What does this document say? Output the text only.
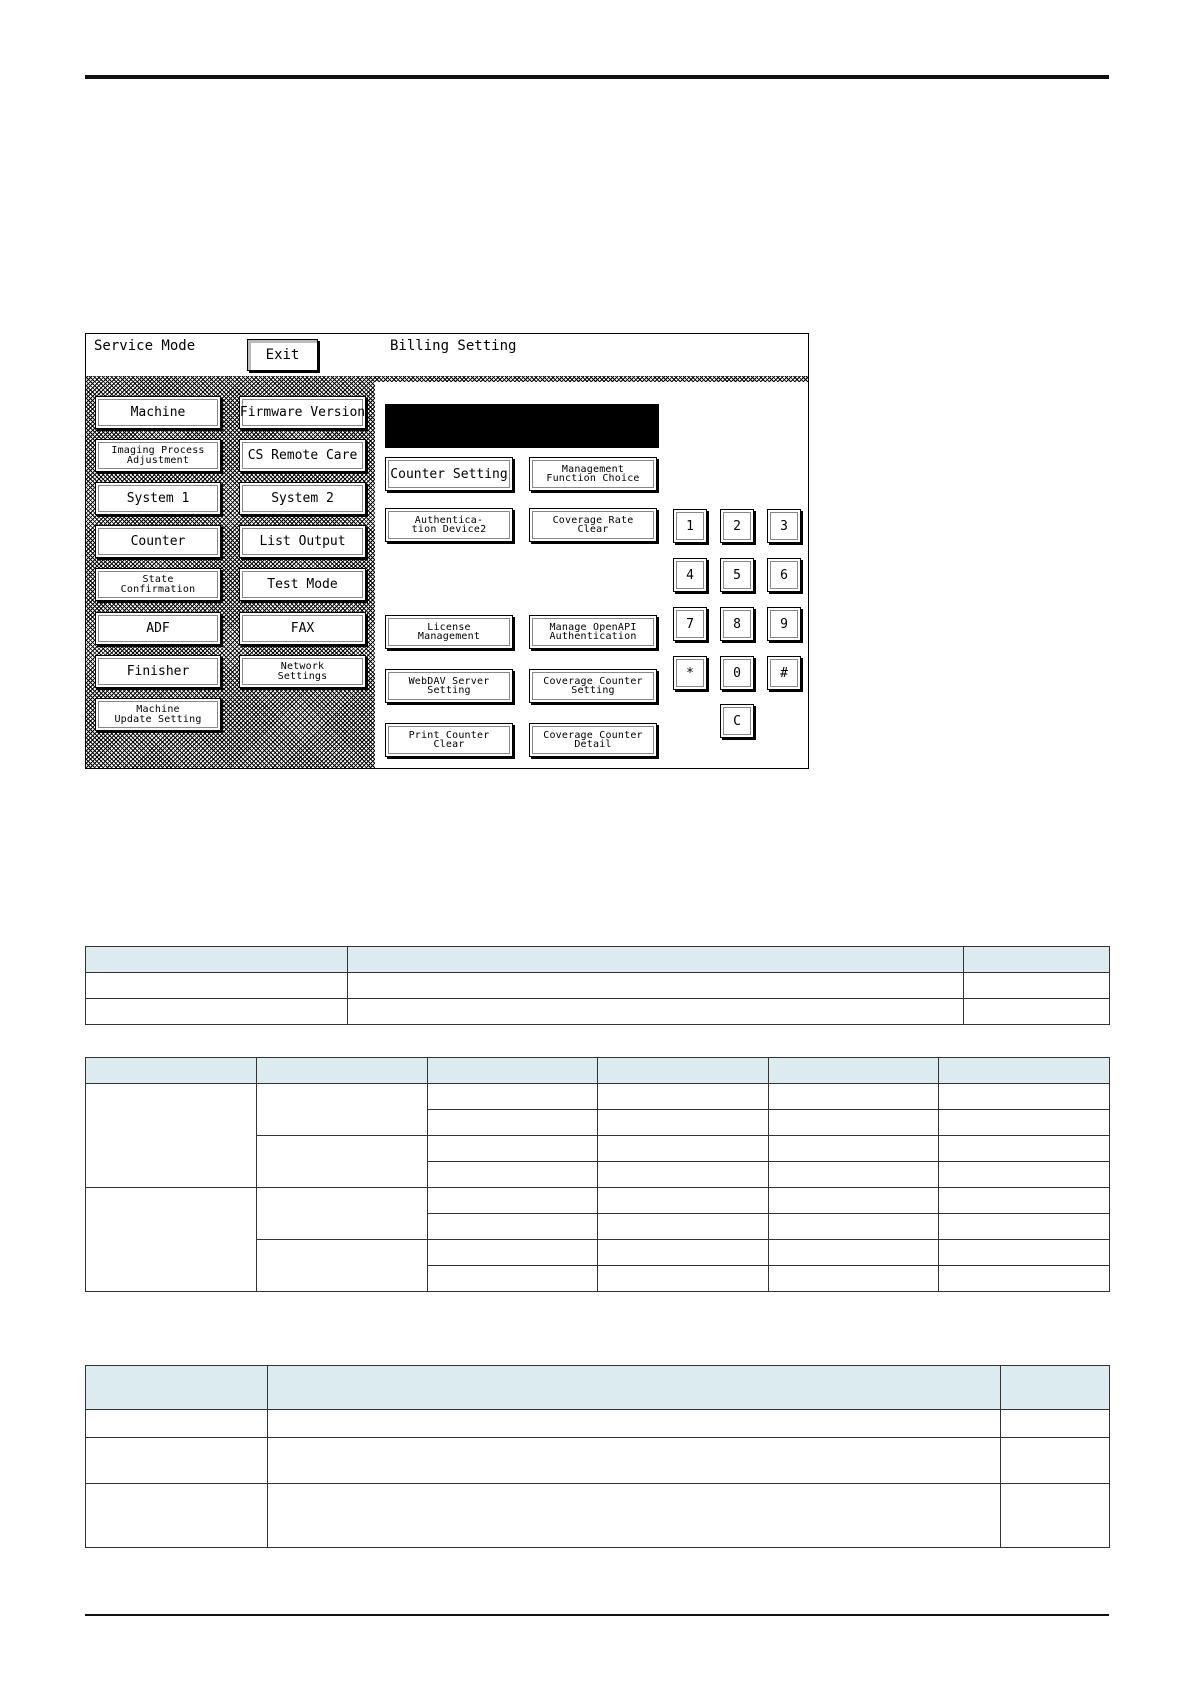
Service Mode
Exit
Billing Setting
Machine	Firmware Version
Imaging Process
Adjustment	CS Remote Care
System 1	System 2
Counter	List Output
State
Confirmation	Test Mode
ADF	FAX
Finisher	Network
Settings
Machine
Update Setting
Counter Setting	Management
Function Choice
Authentica-
tion Device2
Coverage Rate
Clear
License
Management
Manage OpenAPI
Authentication
WebDAV Server
Setting
Coverage Counter
Setting
Print Counter
Clear
Coverage Counter
Detail
1	2	3
4	5	6
7	8	9
*	0	#
C
